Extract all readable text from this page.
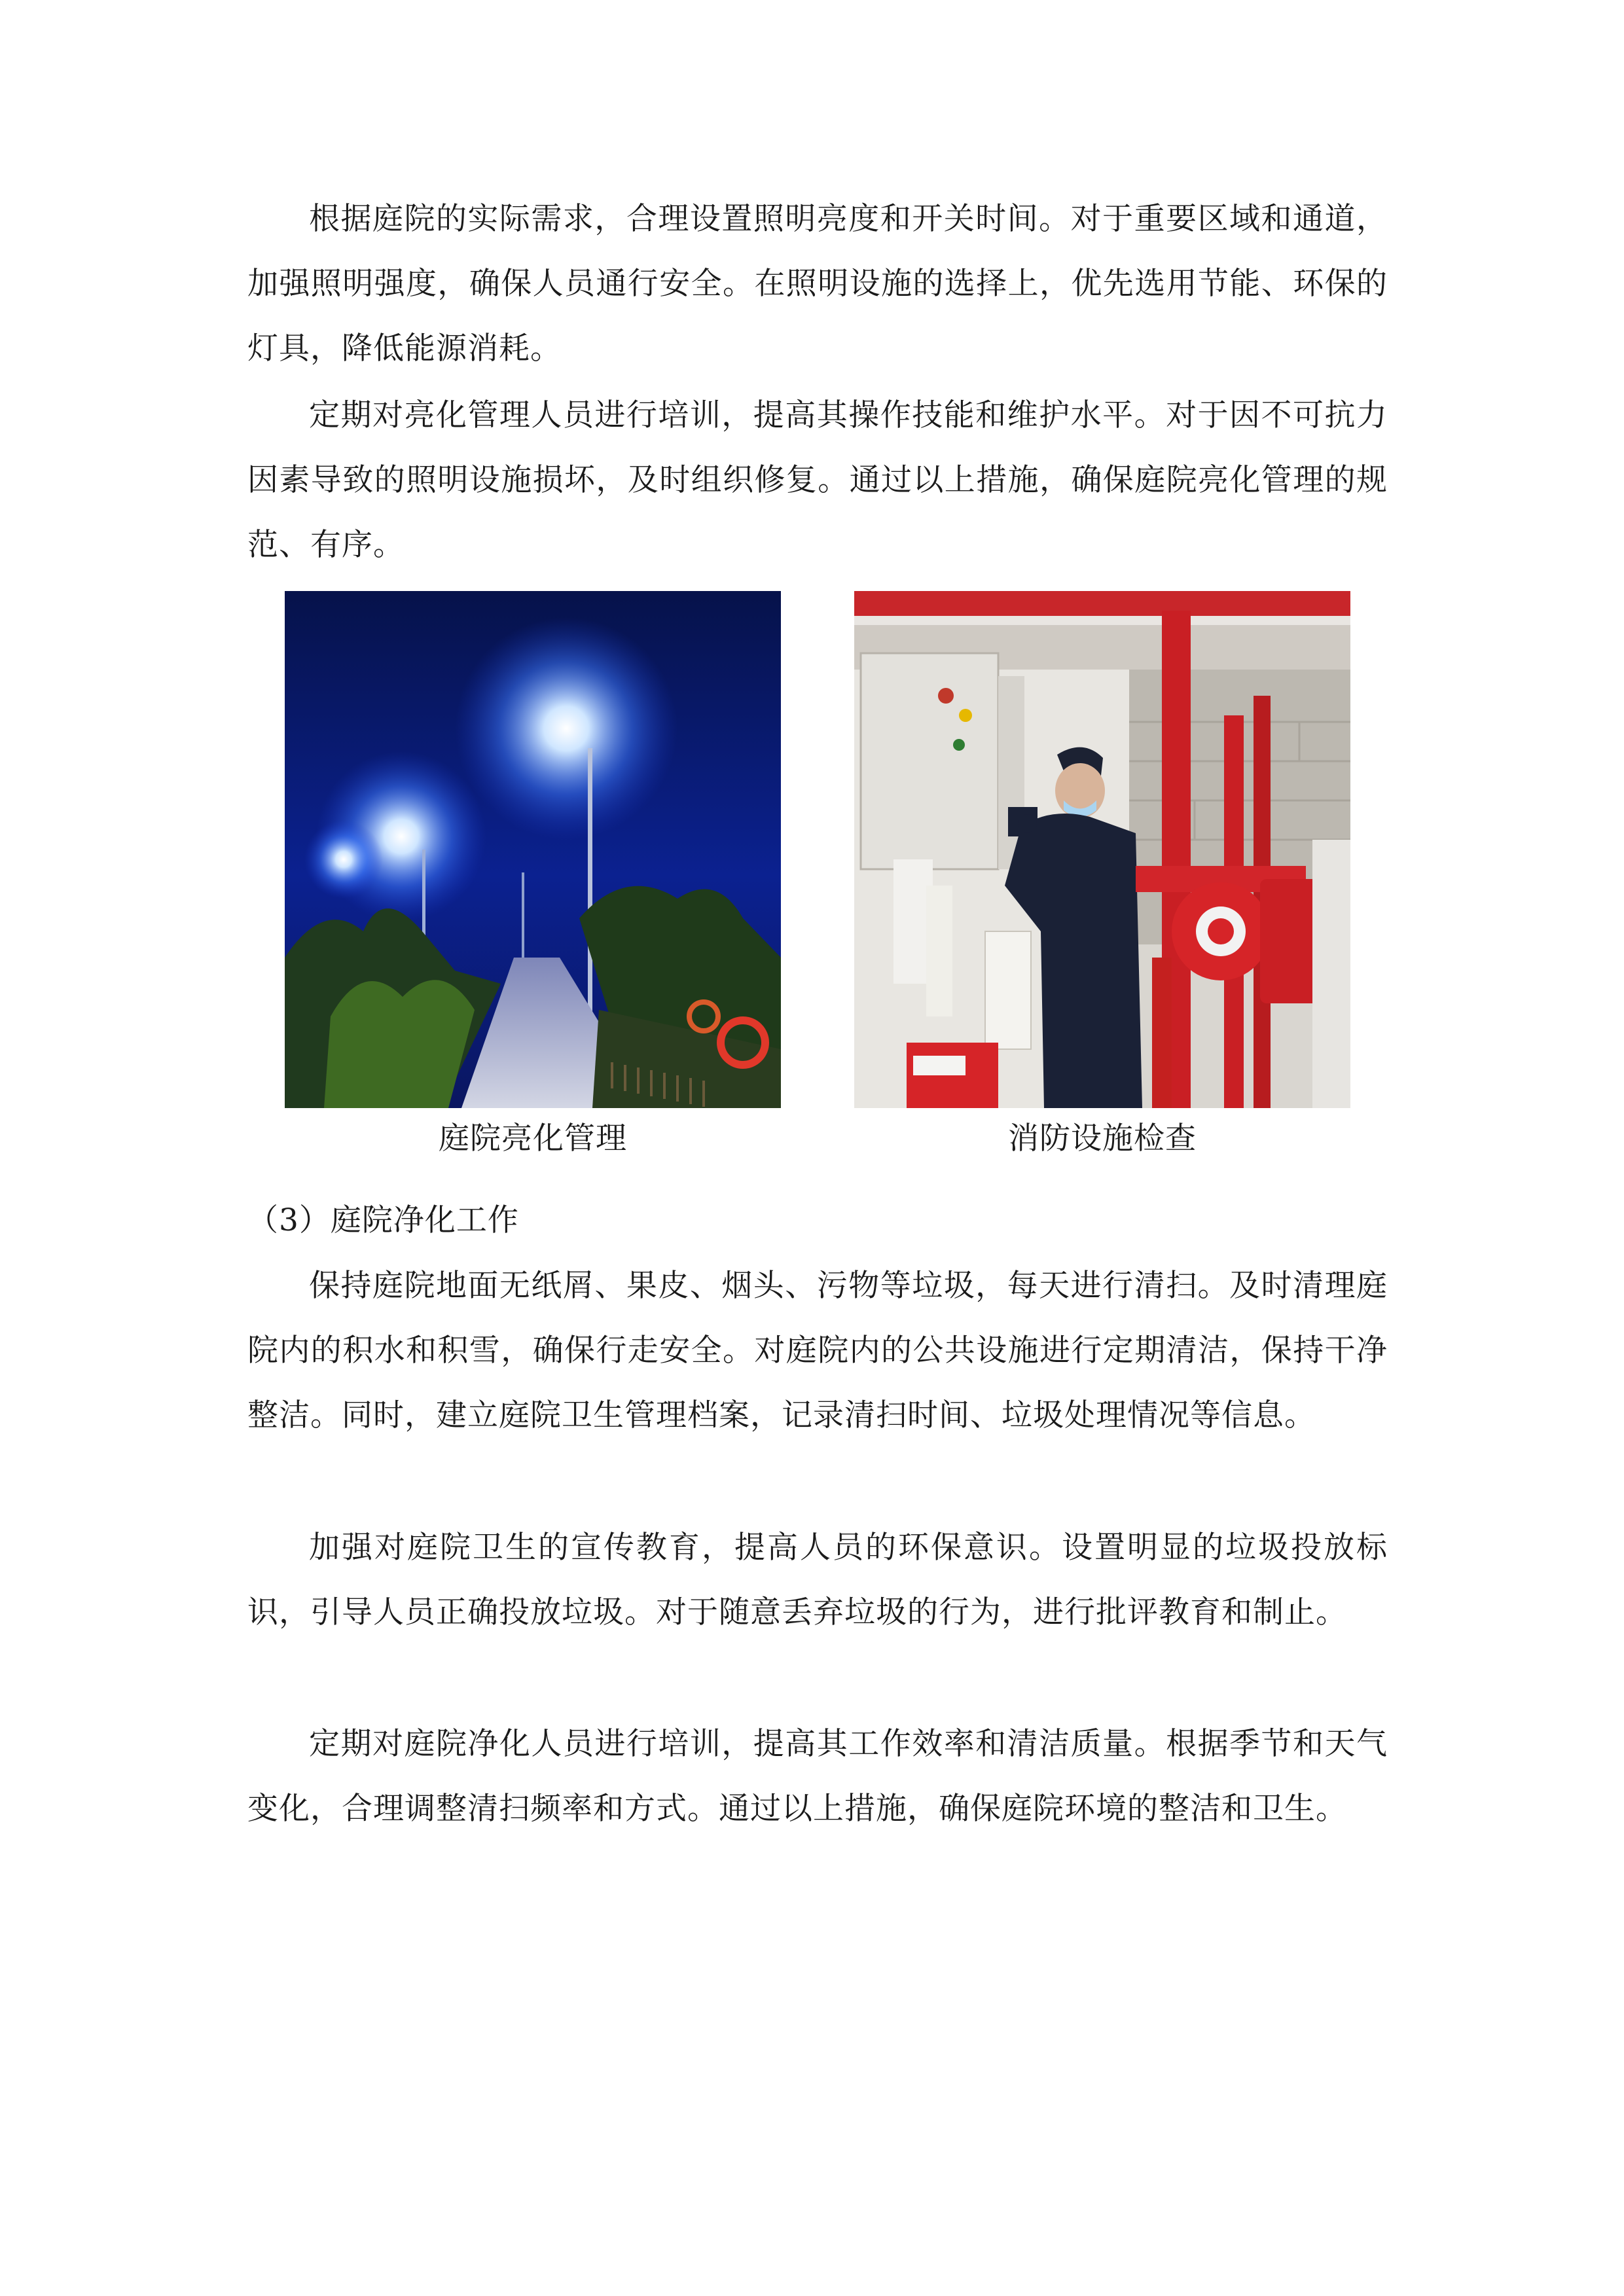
根据庭院的实际需求，合理设置照明亮度和开关时间。对于重要区域和通道，加强照明强度，确保人员通行安全。在照明设施的选择上，优先选用节能、环保的灯具，降低能源消耗。

定期对亮化管理人员进行培训，提高其操作技能和维护水平。对于因不可抗力因素导致的照明设施损坏，及时组织修复。通过以上措施，确保庭院亮化管理的规范、有序。

庭院亮化管理	消防设施检查
（3）庭院净化工作

保持庭院地面无纸屑、果皮、烟头、污物等垃圾，每天进行清扫。及时清理庭院内的积水和积雪，确保行走安全。对庭院内的公共设施进行定期清洁，保持干净整洁。同时，建立庭院卫生管理档案，记录清扫时间、垃圾处理情况等信息。

加强对庭院卫生的宣传教育，提高人员的环保意识。设置明显的垃圾投放标识，引导人员正确投放垃圾。对于随意丢弃垃圾的行为，进行批评教育和制止。

定期对庭院净化人员进行培训，提高其工作效率和清洁质量。根据季节和天气变化，合理调整清扫频率和方式。通过以上措施，确保庭院环境的整洁和卫生。
